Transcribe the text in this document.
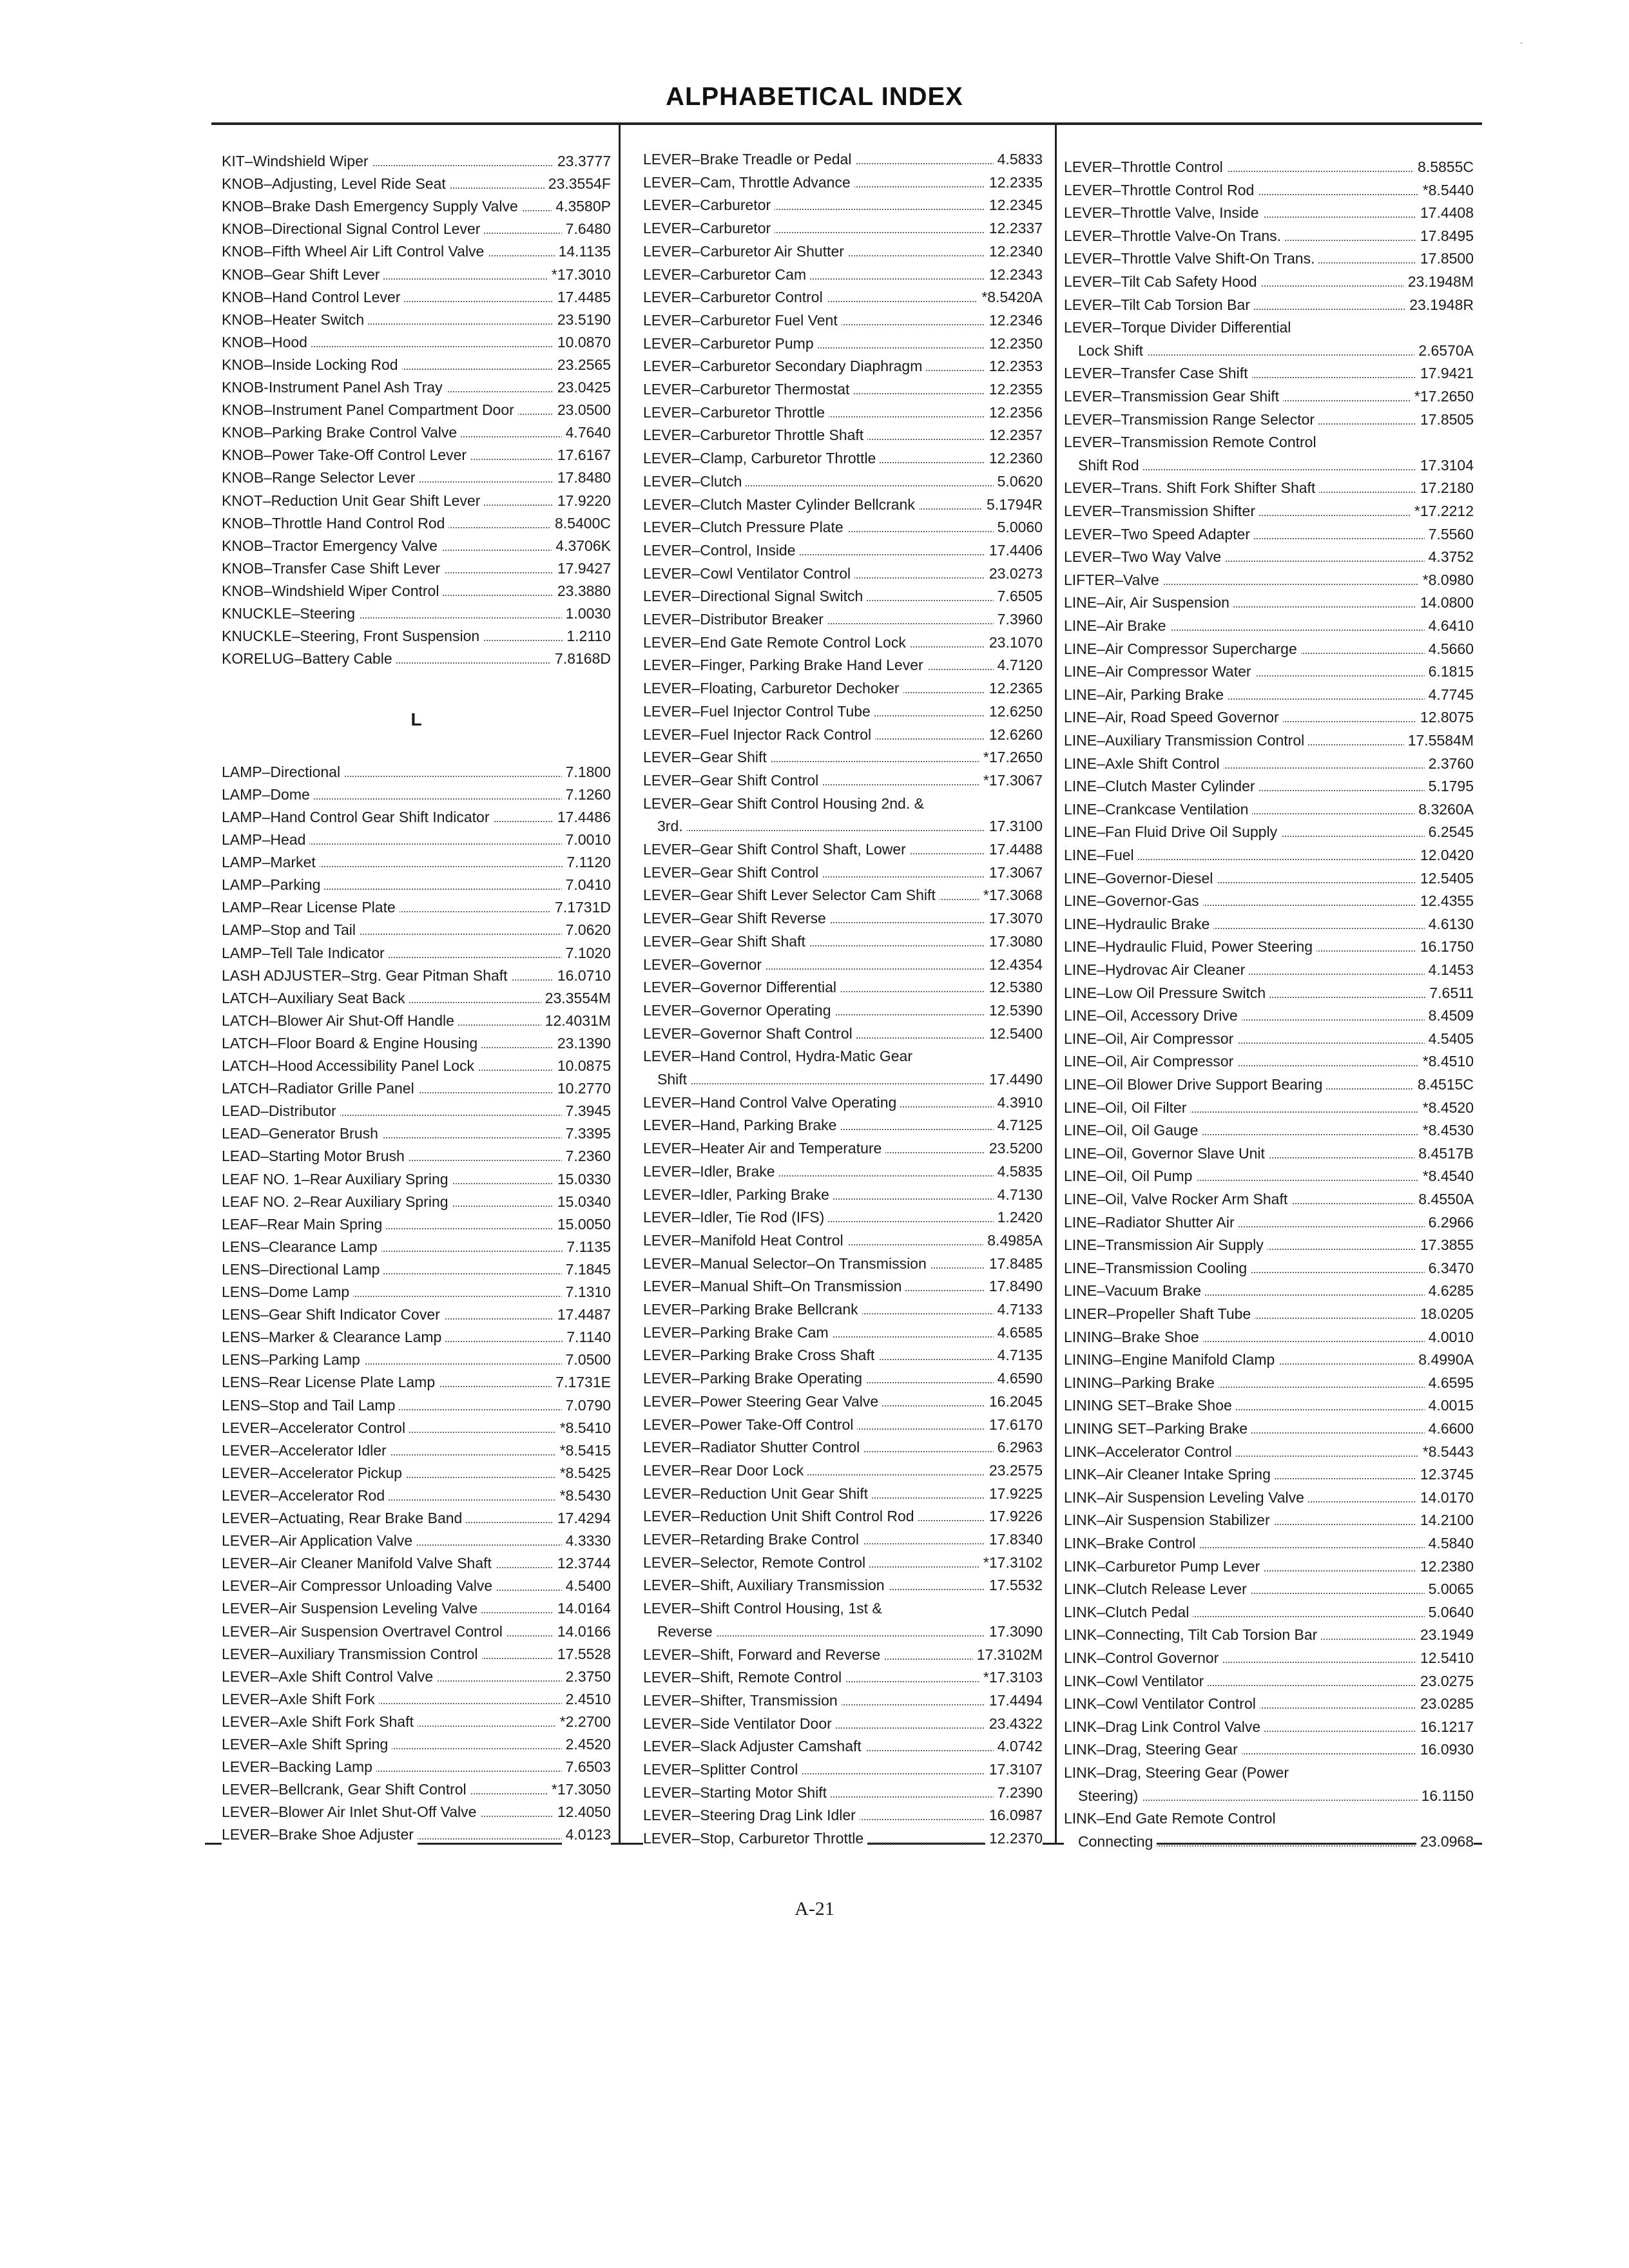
ALPHABETICAL INDEX
KIT–Windshield Wiper	23.3777
KNOB–Adjusting, Level Ride Seat	23.3554F
KNOB–Brake Dash Emergency Supply Valve	4.3580P
KNOB–Directional Signal Control Lever	7.6480
KNOB–Fifth Wheel Air Lift Control Valve	14.1135
KNOB–Gear Shift Lever	*17.3010
KNOB–Hand Control Lever	17.4485
KNOB–Heater Switch	23.5190
KNOB–Hood	10.0870
KNOB–Inside Locking Rod	23.2565
KNOB-Instrument Panel Ash Tray	23.0425
KNOB–Instrument Panel Compartment Door	23.0500
KNOB–Parking Brake Control Valve	4.7640
KNOB–Power Take-Off Control Lever	17.6167
KNOB–Range Selector Lever	17.8480
KNOT–Reduction Unit Gear Shift Lever	17.9220
KNOB–Throttle Hand Control Rod	8.5400C
KNOB–Tractor Emergency Valve	4.3706K
KNOB–Transfer Case Shift Lever	17.9427
KNOB–Windshield Wiper Control	23.3880
KNUCKLE–Steering	1.0030
KNUCKLE–Steering, Front Suspension	1.2110
KORELUG–Battery Cable	7.8168D
L
LAMP–Directional	7.1800
LAMP–Dome	7.1260
LAMP–Hand Control Gear Shift Indicator	17.4486
LAMP–Head	7.0010
LAMP–Market	7.1120
LAMP–Parking	7.0410
LAMP–Rear License Plate	7.1731D
LAMP–Stop and Tail	7.0620
LAMP–Tell Tale Indicator	7.1020
LASH ADJUSTER–Strg. Gear Pitman Shaft	16.0710
LATCH–Auxiliary Seat Back	23.3554M
LATCH–Blower Air Shut-Off Handle	12.4031M
LATCH–Floor Board & Engine Housing	23.1390
LATCH–Hood Accessibility Panel Lock	10.0875
LATCH–Radiator Grille Panel	10.2770
LEAD–Distributor	7.3945
LEAD–Generator Brush	7.3395
LEAD–Starting Motor Brush	7.2360
LEAF NO. 1–Rear Auxiliary Spring	15.0330
LEAF NO. 2–Rear Auxiliary Spring	15.0340
LEAF–Rear Main Spring	15.0050
LENS–Clearance Lamp	7.1135
LENS–Directional Lamp	7.1845
LENS–Dome Lamp	7.1310
LENS–Gear Shift Indicator Cover	17.4487
LENS–Marker & Clearance Lamp	7.1140
LENS–Parking Lamp	7.0500
LENS–Rear License Plate Lamp	7.1731E
LENS–Stop and Tail Lamp	7.0790
LEVER–Accelerator Control	*8.5410
LEVER–Accelerator Idler	*8.5415
LEVER–Accelerator Pickup	*8.5425
LEVER–Accelerator Rod	*8.5430
LEVER–Actuating, Rear Brake Band	17.4294
LEVER–Air Application Valve	4.3330
LEVER–Air Cleaner Manifold Valve Shaft	12.3744
LEVER–Air Compressor Unloading Valve	4.5400
LEVER–Air Suspension Leveling Valve	14.0164
LEVER–Air Suspension Overtravel Control	14.0166
LEVER–Auxiliary Transmission Control	17.5528
LEVER–Axle Shift Control Valve	2.3750
LEVER–Axle Shift Fork	2.4510
LEVER–Axle Shift Fork Shaft	*2.2700
LEVER–Axle Shift Spring	2.4520
LEVER–Backing Lamp	7.6503
LEVER–Bellcrank, Gear Shift Control	*17.3050
LEVER–Blower Air Inlet Shut-Off Valve	12.4050
LEVER–Brake Shoe Adjuster	4.0123
LEVER–Brake Treadle or Pedal	4.5833
LEVER–Cam, Throttle Advance	12.2335
LEVER–Carburetor	12.2345
LEVER–Carburetor	12.2337
LEVER–Carburetor Air Shutter	12.2340
LEVER–Carburetor Cam	12.2343
LEVER–Carburetor Control	*8.5420A
LEVER–Carburetor Fuel Vent	12.2346
LEVER–Carburetor Pump	12.2350
LEVER–Carburetor Secondary Diaphragm	12.2353
LEVER–Carburetor Thermostat	12.2355
LEVER–Carburetor Throttle	12.2356
LEVER–Carburetor Throttle Shaft	12.2357
LEVER–Clamp, Carburetor Throttle	12.2360
LEVER–Clutch	5.0620
LEVER–Clutch Master Cylinder Bellcrank	5.1794R
LEVER–Clutch Pressure Plate	5.0060
LEVER–Control, Inside	17.4406
LEVER–Cowl Ventilator Control	23.0273
LEVER–Directional Signal Switch	7.6505
LEVER–Distributor Breaker	7.3960
LEVER–End Gate Remote Control Lock	23.1070
LEVER–Finger, Parking Brake Hand Lever	4.7120
LEVER–Floating, Carburetor Dechoker	12.2365
LEVER–Fuel Injector Control Tube	12.6250
LEVER–Fuel Injector Rack Control	12.6260
LEVER–Gear Shift	*17.2650
LEVER–Gear Shift Control	*17.3067
LEVER–Gear Shift Control Housing 2nd. &
3rd.	17.3100
LEVER–Gear Shift Control Shaft, Lower	17.4488
LEVER–Gear Shift Control	17.3067
LEVER–Gear Shift Lever Selector Cam Shift	*17.3068
LEVER–Gear Shift Reverse	17.3070
LEVER–Gear Shift Shaft	17.3080
LEVER–Governor	12.4354
LEVER–Governor Differential	12.5380
LEVER–Governor Operating	12.5390
LEVER–Governor Shaft Control	12.5400
LEVER–Hand Control, Hydra-Matic Gear
Shift	17.4490
LEVER–Hand Control Valve Operating	4.3910
LEVER–Hand, Parking Brake	4.7125
LEVER–Heater Air and Temperature	23.5200
LEVER–Idler, Brake	4.5835
LEVER–Idler, Parking Brake	4.7130
LEVER–Idler, Tie Rod (IFS)	1.2420
LEVER–Manifold Heat Control	8.4985A
LEVER–Manual Selector–On Transmission	17.8485
LEVER–Manual Shift–On Transmission	17.8490
LEVER–Parking Brake Bellcrank	4.7133
LEVER–Parking Brake Cam	4.6585
LEVER–Parking Brake Cross Shaft	4.7135
LEVER–Parking Brake Operating	4.6590
LEVER–Power Steering Gear Valve	16.2045
LEVER–Power Take-Off Control	17.6170
LEVER–Radiator Shutter Control	6.2963
LEVER–Rear Door Lock	23.2575
LEVER–Reduction Unit Gear Shift	17.9225
LEVER–Reduction Unit Shift Control Rod	17.9226
LEVER–Retarding Brake Control	17.8340
LEVER–Selector, Remote Control	*17.3102
LEVER–Shift, Auxiliary Transmission	17.5532
LEVER–Shift Control Housing, 1st &
Reverse	17.3090
LEVER–Shift, Forward and Reverse	17.3102M
LEVER–Shift, Remote Control	*17.3103
LEVER–Shifter, Transmission	17.4494
LEVER–Side Ventilator Door	23.4322
LEVER–Slack Adjuster Camshaft	4.0742
LEVER–Splitter Control	17.3107
LEVER–Starting Motor Shift	7.2390
LEVER–Steering Drag Link Idler	16.0987
LEVER–Stop, Carburetor Throttle	12.2370
LEVER–Throttle Control	8.5855C
LEVER–Throttle Control Rod	*8.5440
LEVER–Throttle Valve, Inside	17.4408
LEVER–Throttle Valve-On Trans.	17.8495
LEVER–Throttle Valve Shift-On Trans.	17.8500
LEVER–Tilt Cab Safety Hood	23.1948M
LEVER–Tilt Cab Torsion Bar	23.1948R
LEVER–Torque Divider Differential
Lock Shift	2.6570A
LEVER–Transfer Case Shift	17.9421
LEVER–Transmission Gear Shift	*17.2650
LEVER–Transmission Range Selector	17.8505
LEVER–Transmission Remote Control
Shift Rod	17.3104
LEVER–Trans. Shift Fork Shifter Shaft	17.2180
LEVER–Transmission Shifter	*17.2212
LEVER–Two Speed Adapter	7.5560
LEVER–Two Way Valve	4.3752
LIFTER–Valve	*8.0980
LINE–Air, Air Suspension	14.0800
LINE–Air Brake	4.6410
LINE–Air Compressor Supercharge	4.5660
LINE–Air Compressor Water	6.1815
LINE–Air, Parking Brake	4.7745
LINE–Air, Road Speed Governor	12.8075
LINE–Auxiliary Transmission Control	17.5584M
LINE–Axle Shift Control	2.3760
LINE–Clutch Master Cylinder	5.1795
LINE–Crankcase Ventilation	8.3260A
LINE–Fan Fluid Drive Oil Supply	6.2545
LINE–Fuel	12.0420
LINE–Governor-Diesel	12.5405
LINE–Governor-Gas	12.4355
LINE–Hydraulic Brake	4.6130
LINE–Hydraulic Fluid, Power Steering	16.1750
LINE–Hydrovac Air Cleaner	4.1453
LINE–Low Oil Pressure Switch	7.6511
LINE–Oil, Accessory Drive	8.4509
LINE–Oil, Air Compressor	4.5405
LINE–Oil, Air Compressor	*8.4510
LINE–Oil Blower Drive Support Bearing	8.4515C
LINE–Oil, Oil Filter	*8.4520
LINE–Oil, Oil Gauge	*8.4530
LINE–Oil, Governor Slave Unit	8.4517B
LINE–Oil, Oil Pump	*8.4540
LINE–Oil, Valve Rocker Arm Shaft	8.4550A
LINE–Radiator Shutter Air	6.2966
LINE–Transmission Air Supply	17.3855
LINE–Transmission Cooling	6.3470
LINE–Vacuum Brake	4.6285
LINER–Propeller Shaft Tube	18.0205
LINING–Brake Shoe	4.0010
LINING–Engine Manifold Clamp	8.4990A
LINING–Parking Brake	4.6595
LINING SET–Brake Shoe	4.0015
LINING SET–Parking Brake	4.6600
LINK–Accelerator Control	*8.5443
LINK–Air Cleaner Intake Spring	12.3745
LINK–Air Suspension Leveling Valve	14.0170
LINK–Air Suspension Stabilizer	14.2100
LINK–Brake Control	4.5840
LINK–Carburetor Pump Lever	12.2380
LINK–Clutch Release Lever	5.0065
LINK–Clutch Pedal	5.0640
LINK–Connecting, Tilt Cab Torsion Bar	23.1949
LINK–Control Governor	12.5410
LINK–Cowl Ventilator	23.0275
LINK–Cowl Ventilator Control	23.0285
LINK–Drag Link Control Valve	16.1217
LINK–Drag, Steering Gear	16.0930
LINK–Drag, Steering Gear (Power
Steering)	16.1150
LINK–End Gate Remote Control
Connecting	23.0968
A-21
